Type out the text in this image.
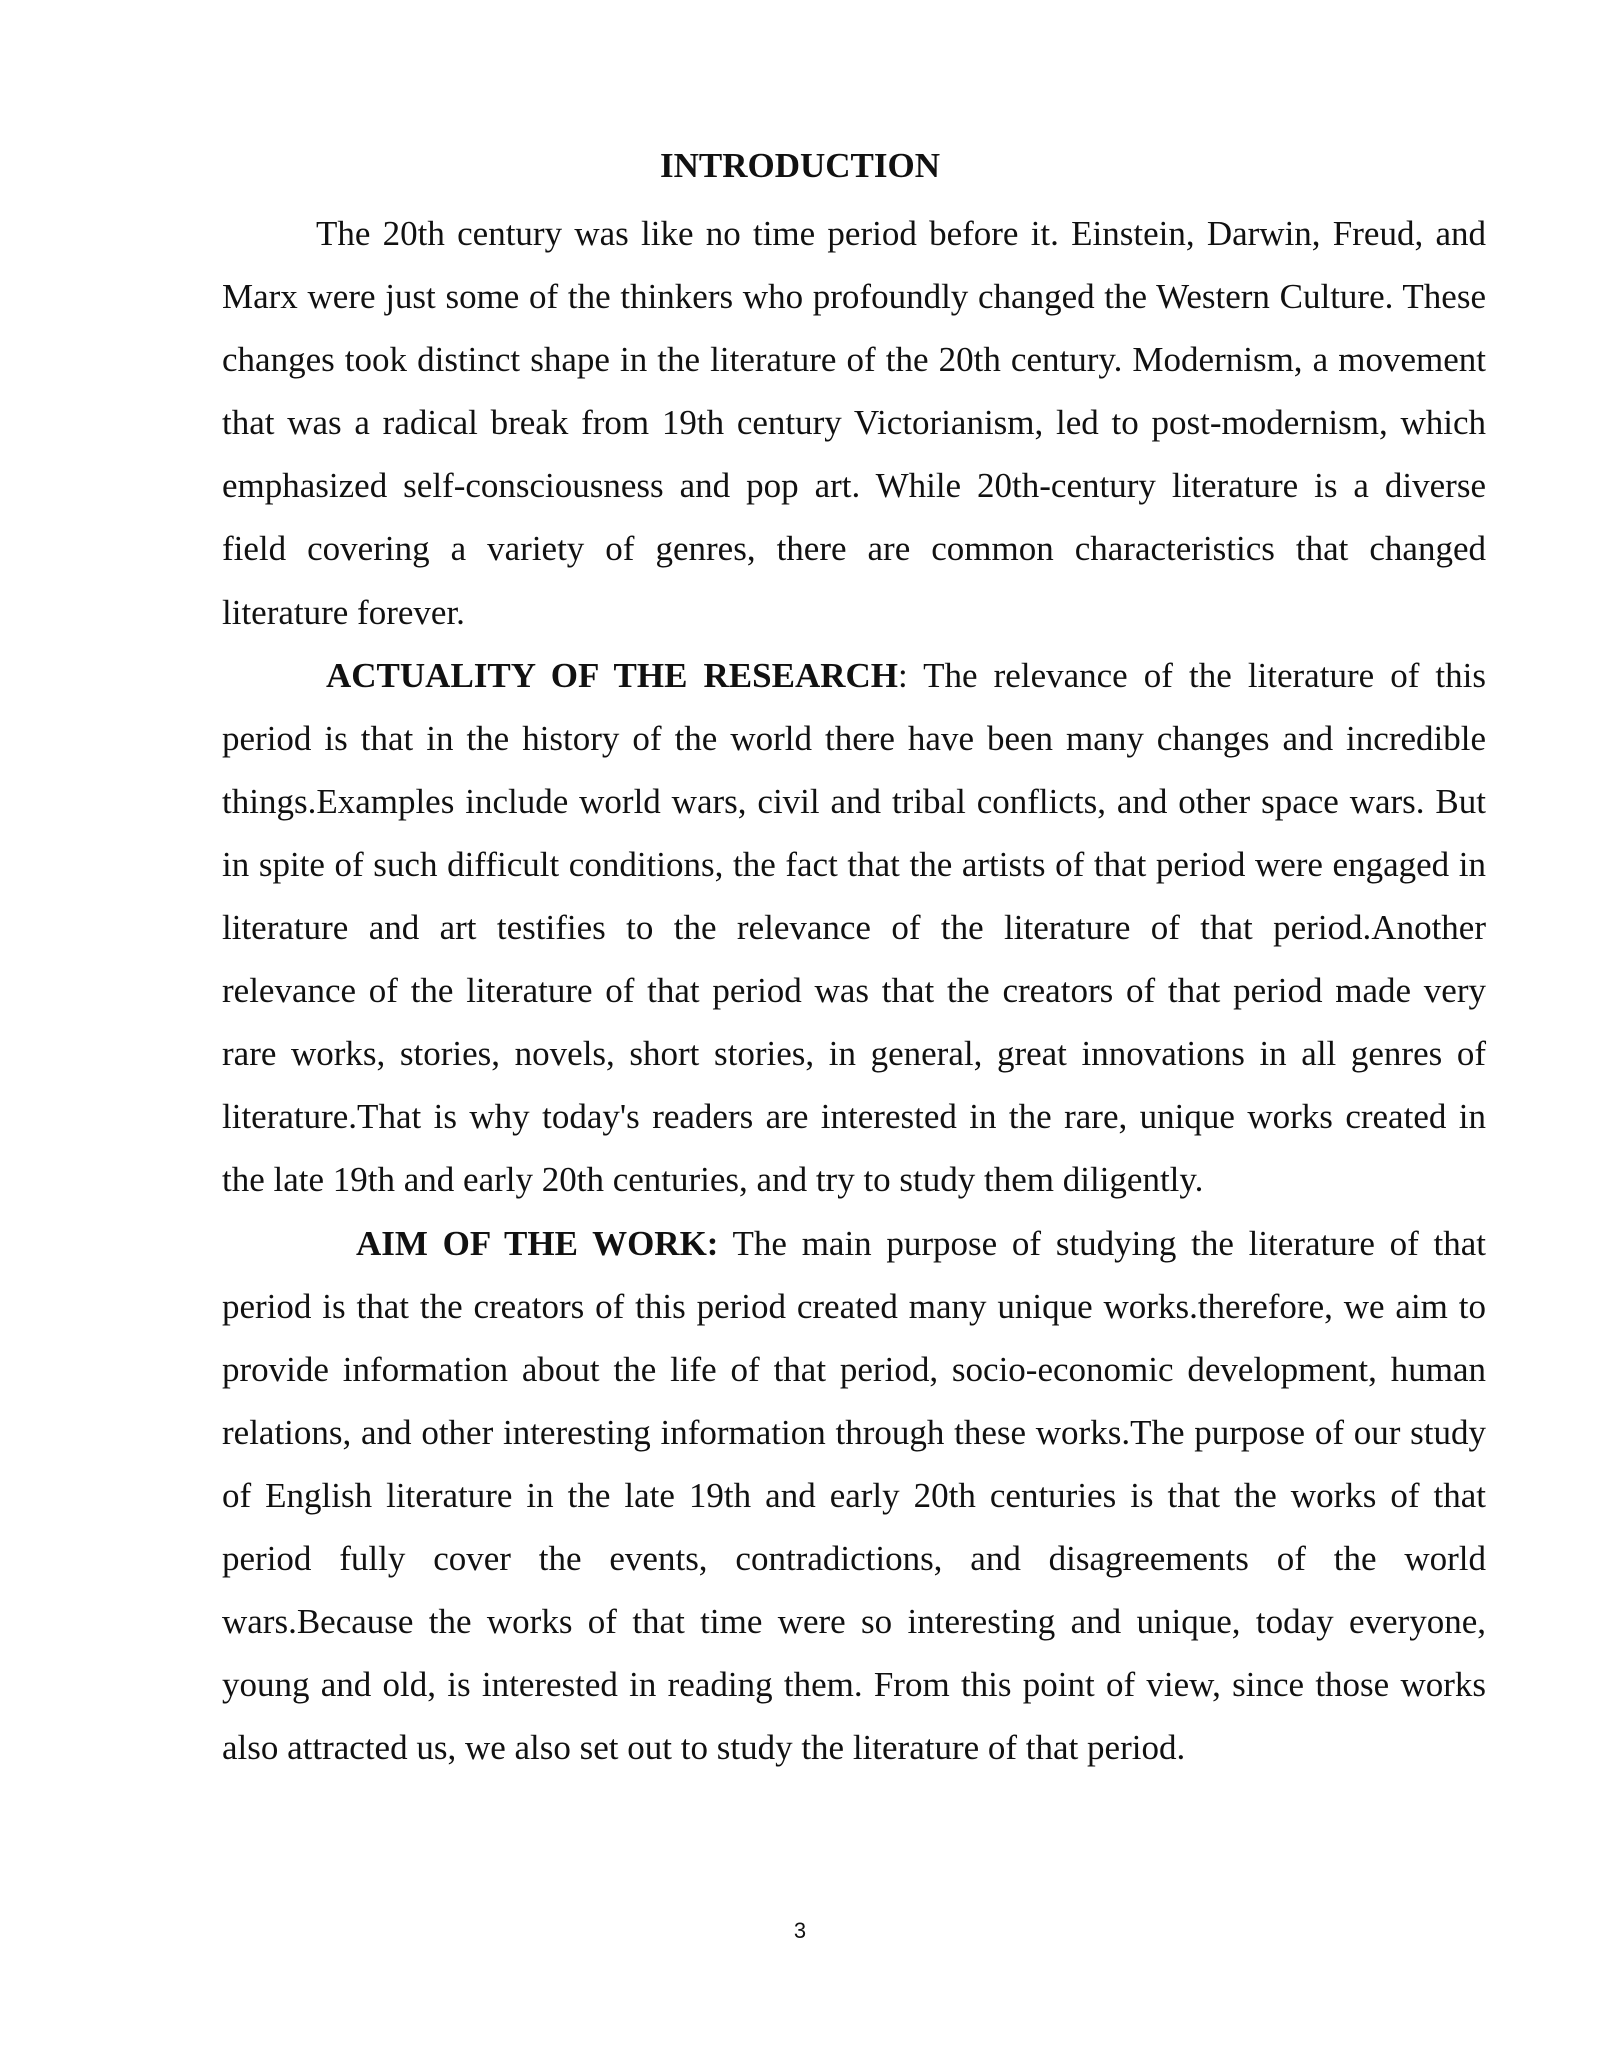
INTRODUCTION

The 20th century was like no time period before it. Einstein, Darwin, Freud, and Marx were just some of the thinkers who profoundly changed the Western Culture. These changes took distinct shape in the literature of the 20th century. Modernism, a movement that was a radical break from 19th century Victorianism, led to post-modernism, which emphasized self-consciousness and pop art. While 20th-century literature is a diverse field covering a variety of genres, there are common characteristics that changed literature forever.

ACTUALITY OF THE RESEARCH: The relevance of the literature of this period is that in the history of the world there have been many changes and incredible things.Examples include world wars, civil and tribal conflicts, and other space wars. But in spite of such difficult conditions, the fact that the artists of that period were engaged in literature and art testifies to the relevance of the literature of that period.Another relevance of the literature of that period was that the creators of that period made very rare works, stories, novels, short stories, in general, great innovations in all genres of literature.That is why today's readers are interested in the rare, unique works created in the late 19th and early 20th centuries, and try to study them diligently.

AIM OF THE WORK: The main purpose of studying the literature of that period is that the creators of this period created many unique works.therefore, we aim to provide information about the life of that period, socio-economic development, human relations, and other interesting information through these works.The purpose of our study of English literature in the late 19th and early 20th centuries is that the works of that period fully cover the events, contradictions, and disagreements of the world wars.Because the works of that time were so interesting and unique, today everyone, young and old, is interested in reading them. From this point of view, since those works also attracted us, we also set out to study the literature of that period.

3
